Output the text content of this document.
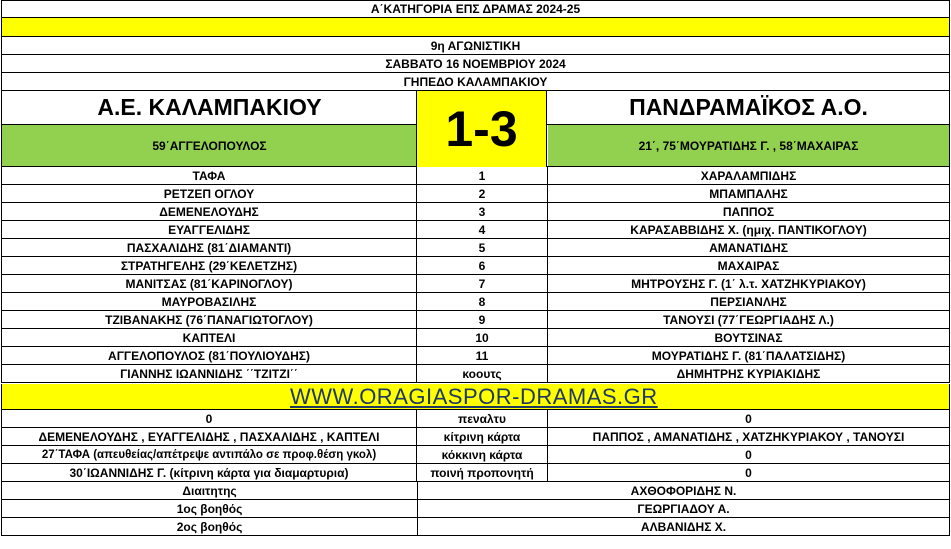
Α΄ΚΑΤΗΓΟΡΙΑ ΕΠΣ ΔΡΑΜΑΣ 2024-25
9η ΑΓΩΝΙΣΤΙΚΗ
ΣΑΒΒΑΤΟ 16 ΝΟΕΜΒΡΙΟΥ 2024
ΓΗΠΕΔΟ ΚΑΛΑΜΠΑΚΙΟΥ
Α.Ε. ΚΑΛΑΜΠΑΚΙΟΥ	ΠΑΝΔΡΑΜΑΪΚΟΣ Α.Ο.
59΄ΑΓΓΕΛΟΠΟΥΛΟΣ	21΄, 75΄ΜΟΥΡΑΤΙΔΗΣ Γ. , 58΄ΜΑΧΑΙΡΑΣ
1-3
ΤΑΦΑ	1	ΧΑΡΑΛΑΜΠΙΔΗΣ
ΡΕΤΖΕΠ ΟΓΛΟΥ	2	ΜΠΑΜΠΑΛΗΣ
ΔΕΜΕΝΕΛΟΥΔΗΣ	3	ΠΑΠΠΟΣ
ΕΥΑΓΓΕΛΙΔΗΣ	4	ΚΑΡΑΣΑΒΒΙΔΗΣ Χ. (ημιχ. ΠΑΝΤΙΚΟΓΛΟΥ)
ΠΑΣΧΑΛΙΔΗΣ (81΄ΔΙΑΜΑΝΤΙ)	5	ΑΜΑΝΑΤΙΔΗΣ
ΣΤΡΑΤΗΓΕΛΗΣ (29΄ΚΕΛΕΤΖΗΣ)	6	ΜΑΧΑΙΡΑΣ
ΜΑΝΙΤΣΑΣ (81΄ΚΑΡΙΝΟΓΛΟΥ)	7	ΜΗΤΡΟΥΣΗΣ Γ. (1΄ λ.τ. ΧΑΤΖΗΚΥΡΙΑΚΟΥ)
ΜΑΥΡΟΒΑΣΙΛΗΣ	8	ΠΕΡΣΙΑΝΛΗΣ
ΤΖΙΒΑΝΑΚΗΣ (76΄ΠΑΝΑΓΙΩΤΟΓΛΟΥ)	9	ΤΑΝΟΥΣΙ (77΄ΓΕΩΡΓΙΑΔΗΣ Λ.)
ΚΑΠΤΕΛΙ	10	ΒΟΥΤΣΙΝΑΣ
ΑΓΓΕΛΟΠΟΥΛΟΣ (81΄ΠΟΥΛΙΟΥΔΗΣ)	11	ΜΟΥΡΑΤΙΔΗΣ Γ. (81΄ΠΑΛΑΤΣΙΔΗΣ)
ΓΙΑΝΝΗΣ ΙΩΑΝΝΙΔΗΣ ΄΄ΤΖΙΤΖΙ΄΄	κοουτς	ΔΗΜΗΤΡΗΣ ΚΥΡΙΑΚΙΔΗΣ
WWW.ORAGIASPOR-DRAMAS.GR
0	πεναλτυ	0
ΔΕΜΕΝΕΛΟΥΔΗΣ , ΕΥΑΓΓΕΛΙΔΗΣ , ΠΑΣΧΑΛΙΔΗΣ , ΚΑΠΤΕΛΙ	κίτρινη κάρτα	ΠΑΠΠΟΣ , ΑΜΑΝΑΤΙΔΗΣ , ΧΑΤΖΗΚΥΡΙΑΚΟΥ , ΤΑΝΟΥΣΙ
27΄ΤΑΦΑ (απευθείας/απέτρεψε αντιπάλο σε προφ.θέση γκολ)	κόκκινη κάρτα	0
30΄ΙΩΑΝΝΙΔΗΣ Γ. (κίτρινη κάρτα για διαμαρτυρια)	ποινή προπονητή	0
Διαιτητης	ΑΧΘΟΦΟΡΙΔΗΣ Ν.
1ος βοηθός	ΓΕΩΡΓΙΑΔΟΥ Α.
2ος βοηθός	ΑΛΒΑΝΙΔΗΣ Χ.
